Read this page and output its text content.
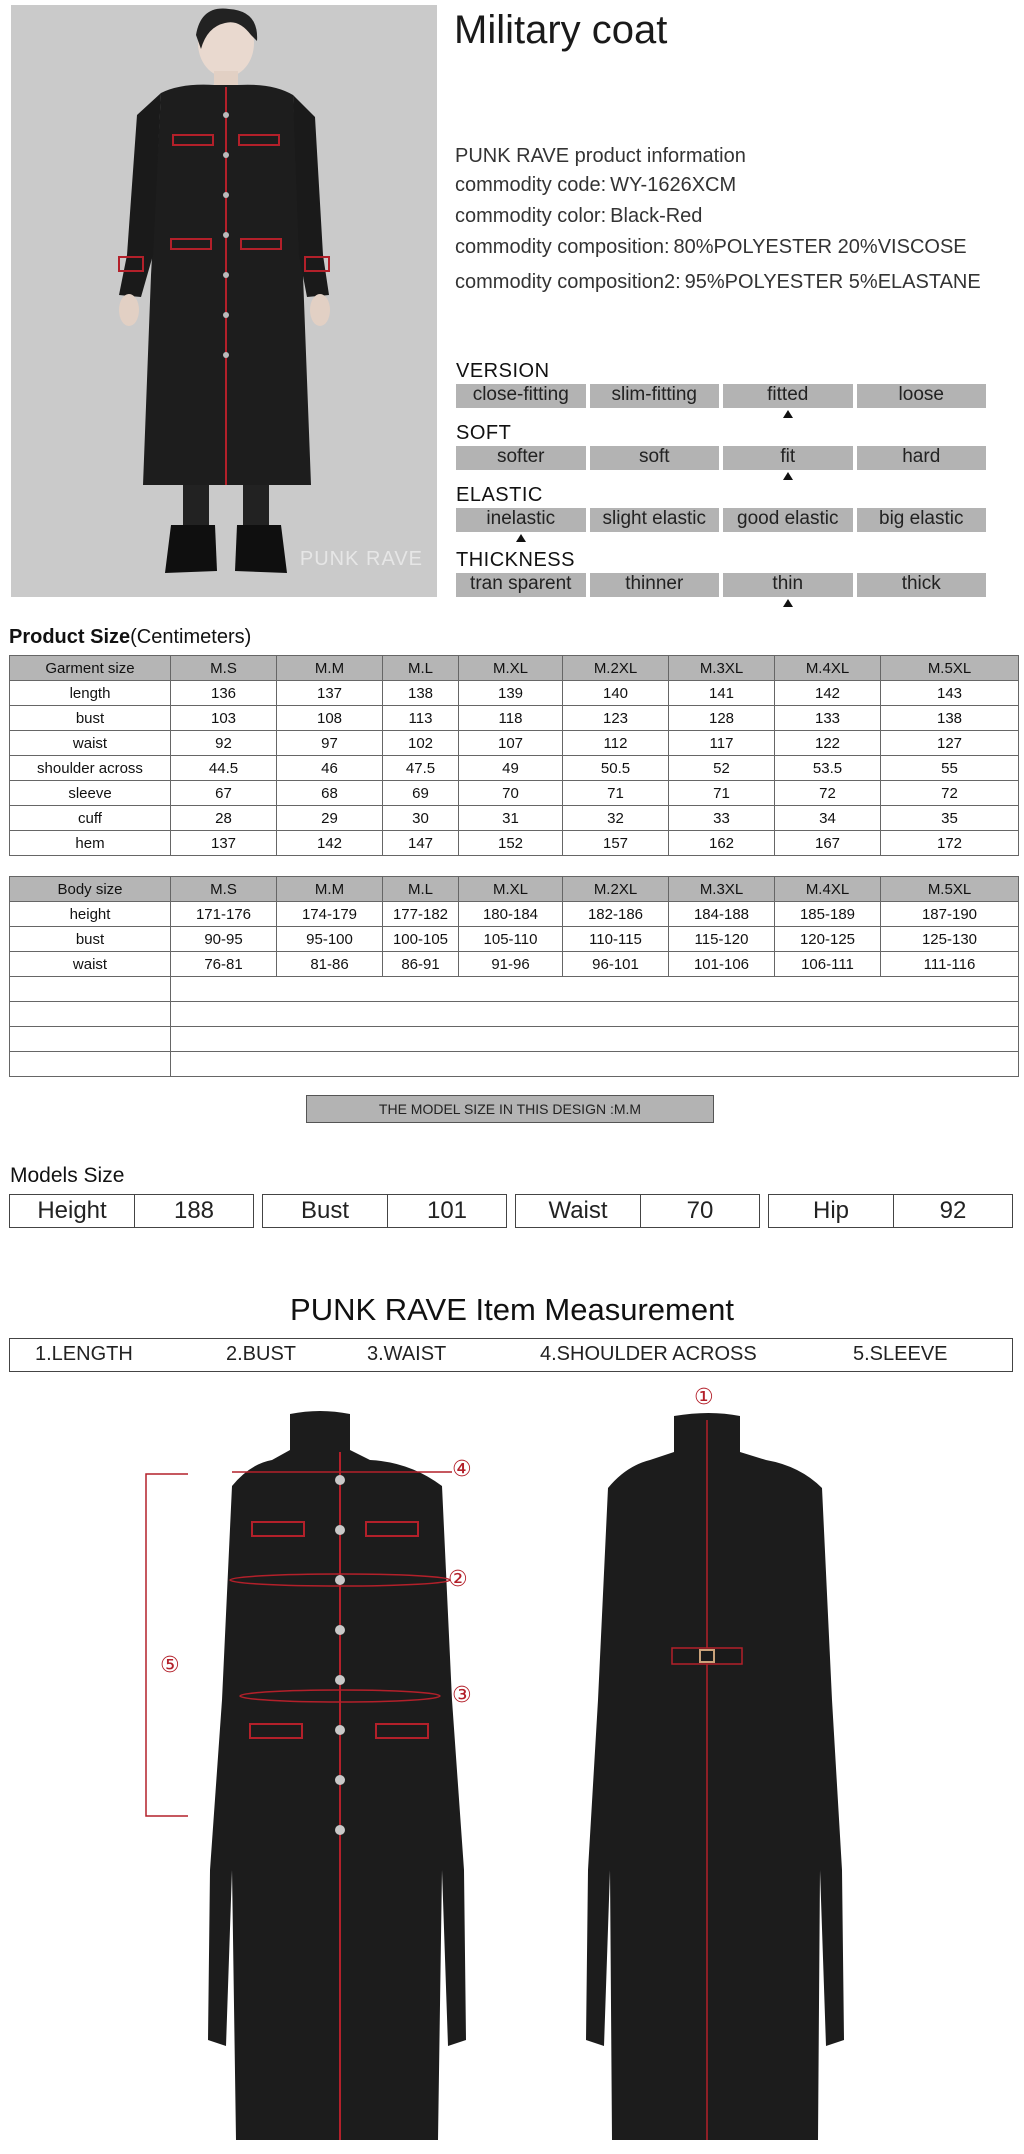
PUNK RAVE
Military coat
PUNK RAVE product information
commodity code: WY-1626XCM
commodity color: Black-Red
commodity composition: 80%POLYESTER 20%VISCOSE
commodity composition2: 95%POLYESTER 5%ELASTANE
VERSION
close-fitting	slim-fitting	fitted	loose
SOFT
softer	soft	fit	hard
ELASTIC
inelastic	slight elastic	good elastic	big elastic
THICKNESS
tran sparent	thinner	thin	thick
Product Size(Centimeters)
Garment size	M.S	M.M	M.L	M.XL	M.2XL	M.3XL	M.4XL	M.5XL
length	136	137	138	139	140	141	142	143
bust	103	108	113	118	123	128	133	138
waist	92	97	102	107	112	117	122	127
shoulder across	44.5	46	47.5	49	50.5	52	53.5	55
sleeve	67	68	69	70	71	71	72	72
cuff	28	29	30	31	32	33	34	35
hem	137	142	147	152	157	162	167	172
Body size	M.S	M.M	M.L	M.XL	M.2XL	M.3XL	M.4XL	M.5XL
height	171-176	174-179	177-182	180-184	182-186	184-188	185-189	187-190
bust	90-95	95-100	100-105	105-110	110-115	115-120	120-125	125-130
waist	76-81	81-86	86-91	91-96	96-101	101-106	106-111	111-116

THE MODEL SIZE IN THIS DESIGN :M.M
Models Size
Height	188	Bust	101	Waist	70	Hip	92
PUNK RAVE Item Measurement
1.LENGTH	2.BUST	3.WAIST	4.SHOULDER ACROSS	5.SLEEVE
⑤
④
②
③
①
